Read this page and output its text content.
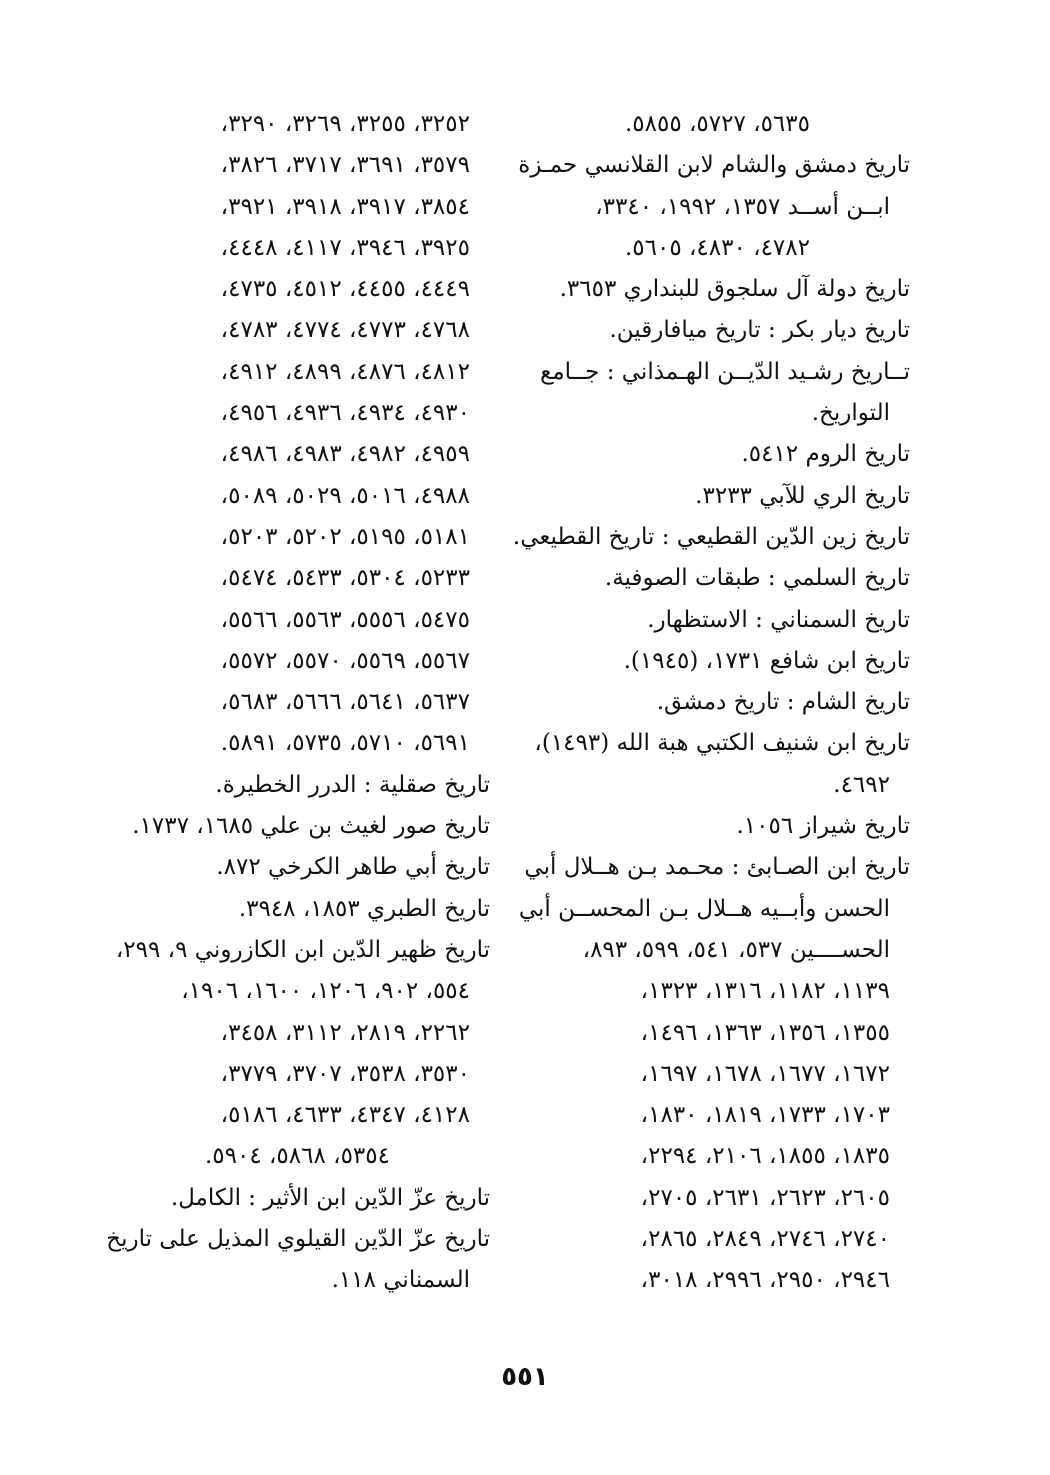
٥٦٣٥، ٥٧٢٧، ٥٨٥٥.
تاريخ دمشق والشام لابن القلانسي حمـزة
ابــن أســد ١٣٥٧، ١٩٩٢، ٣٣٤٠،
٤٧٨٢، ٤٨٣٠، ٥٦٠٥.
تاريخ دولة آل سلجوق للبنداري ٣٦٥٣.
تاريخ ديار بكر : تاريخ ميافارقين.
تــاريخ رشـيد الدّيــن الهـمذاني : جــامع
التواريخ.
تاريخ الروم ٥٤١٢.
تاريخ الري للآبي ٣٢٣٣.
تاريخ زين الدّين القطيعي : تاريخ القطيعي.
تاريخ السلمي : طبقات الصوفية.
تاريخ السمناني : الاستظهار.
تاريخ ابن شافع ١٧٣١، (١٩٤٥).
تاريخ الشام : تاريخ دمشق.
تاريخ ابن شنيف الكتبي هبة الله (١٤٩٣)،
٤٦٩٢.
تاريخ شيراز ١٠٥٦.
تاريخ ابن الصـابئ : محـمد بـن هــلال أبي
الحسن وأبــيه هــلال بـن المحســن أبي
الحســــين ٥٣٧، ٥٤١، ٥٩٩، ٨٩٣،
١١٣٩، ١١٨٢، ١٣١٦، ١٣٢٣،
١٣٥٥، ١٣٥٦، ١٣٦٣، ١٤٩٦،
١٦٧٢، ١٦٧٧، ١٦٧٨، ١٦٩٧،
١٧٠٣، ١٧٣٣، ١٨١٩، ١٨٣٠،
١٨٣٥، ١٨٥٥، ٢١٠٦، ٢٢٩٤،
٢٦٠٥، ٢٦٢٣، ٢٦٣١، ٢٧٠٥،
٢٧٤٠، ٢٧٤٦، ٢٨٤٩، ٢٨٦٥،
٢٩٤٦، ٢٩٥٠، ٢٩٩٦، ٣٠١٨،
٣٢٥٢، ٣٢٥٥، ٣٢٦٩، ٣٢٩٠،
٣٥٧٩، ٣٦٩١، ٣٧١٧، ٣٨٢٦،
٣٨٥٤، ٣٩١٧، ٣٩١٨، ٣٩٢١،
٣٩٢٥، ٣٩٤٦، ٤١١٧، ٤٤٤٨،
٤٤٤٩، ٤٤٥٥، ٤٥١٢، ٤٧٣٥،
٤٧٦٨، ٤٧٧٣، ٤٧٧٤، ٤٧٨٣،
٤٨١٢، ٤٨٧٦، ٤٨٩٩، ٤٩١٢،
٤٩٣٠، ٤٩٣٤، ٤٩٣٦، ٤٩٥٦،
٤٩٥٩، ٤٩٨٢، ٤٩٨٣، ٤٩٨٦،
٤٩٨٨، ٥٠١٦، ٥٠٢٩، ٥٠٨٩،
٥١٨١، ٥١٩٥، ٥٢٠٢، ٥٢٠٣،
٥٢٣٣، ٥٣٠٤، ٥٤٣٣، ٥٤٧٤،
٥٤٧٥، ٥٥٥٦، ٥٥٦٣، ٥٥٦٦،
٥٥٦٧، ٥٥٦٩، ٥٥٧٠، ٥٥٧٢،
٥٦٣٧، ٥٦٤١، ٥٦٦٦، ٥٦٨٣،
٥٦٩١، ٥٧١٠، ٥٧٣٥، ٥٨٩١.
تاريخ صقلية : الدرر الخطيرة.
تاريخ صور لغيث بن علي ١٦٨٥، ١٧٣٧.
تاريخ أبي طاهر الكرخي ٨٧٢.
تاريخ الطبري ١٨٥٣، ٣٩٤٨.
تاريخ ظهير الدّين ابن الكازروني ٩، ٢٩٩،
٥٥٤، ٩٠٢، ١٢٠٦، ١٦٠٠، ١٩٠٦،
٢٢٦٢، ٢٨١٩، ٣١١٢، ٣٤٥٨،
٣٥٣٠، ٣٥٣٨، ٣٧٠٧، ٣٧٧٩،
٤١٢٨، ٤٣٤٧، ٤٦٣٣، ٥١٨٦،
٥٣٥٤، ٥٨٦٨، ٥٩٠٤.
تاريخ عزّ الدّين ابن الأثير : الكامل.
تاريخ عزّ الدّين القيلوي المذيل على تاريخ
السمناني ١١٨.
٥٥١
